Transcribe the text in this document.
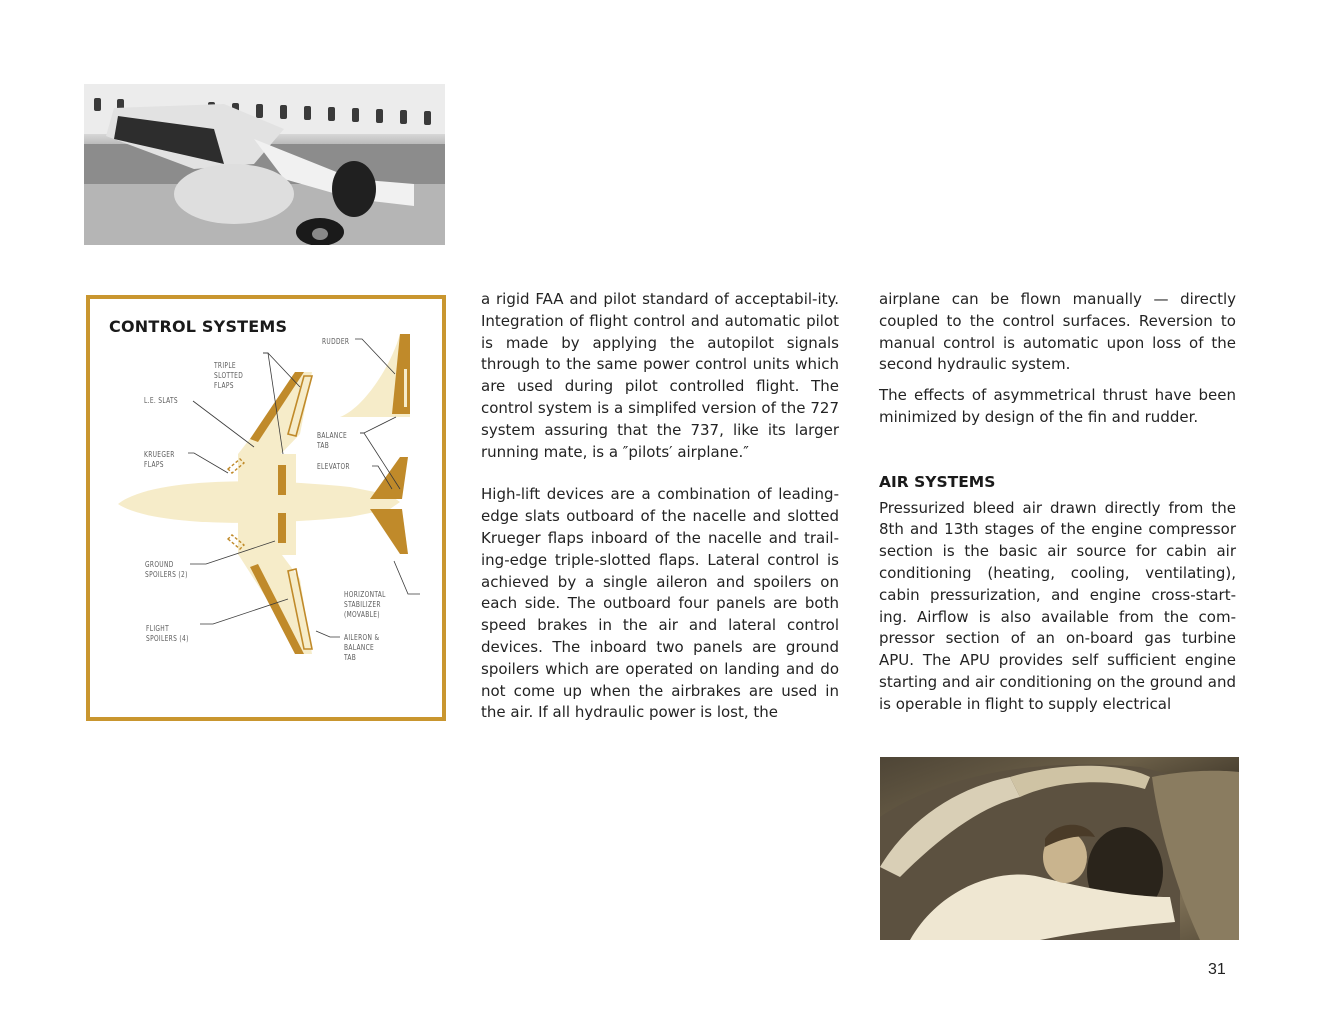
CONTROL SYSTEMS
RUDDER
TRIPLE
SLOTTED
FLAPS
L.E. SLATS
KRUEGER
FLAPS
BALANCE
TAB
ELEVATOR
GROUND
SPOILERS (2)
HORIZONTAL
STABILIZER
(MOVABLE)
FLIGHT
SPOILERS (4)	AILERON &
BALANCE
TAB

a rigid FAA and pilot standard of acceptabil-ity. Integration of flight control and automatic pilot is made by applying the autopilot signals through to the same power control units which are used during pilot controlled flight. The control system is a simplifed version of the 727 system assuring that the 737, like its larger running mate, is a ″pilots′ airplane.″

High-lift devices are a combination of leading-edge slats outboard of the nacelle and slotted Krueger flaps inboard of the nacelle and trail-ing-edge triple-slotted flaps. Lateral control is achieved by a single aileron and spoilers on each side. The outboard four panels are both speed brakes in the air and lateral control devices. The inboard two panels are ground spoilers which are operated on landing and do not come up when the airbrakes are used in the air. If all hydraulic power is lost, the

airplane can be flown manually — directly coupled to the control surfaces. Reversion to manual control is automatic upon loss of the second hydraulic system.

The effects of asymmetrical thrust have been minimized by design of the fin and rudder.

AIR SYSTEMS

Pressurized bleed air drawn directly from the 8th and 13th stages of the engine compressor section is the basic air source for cabin air conditioning (heating, cooling, ventilating), cabin pressurization, and engine cross-start-ing. Airflow is also available from the com-pressor section of an on-board gas turbine APU. The APU provides self sufficient engine starting and air conditioning on the ground and is operable in flight to supply electrical

31
